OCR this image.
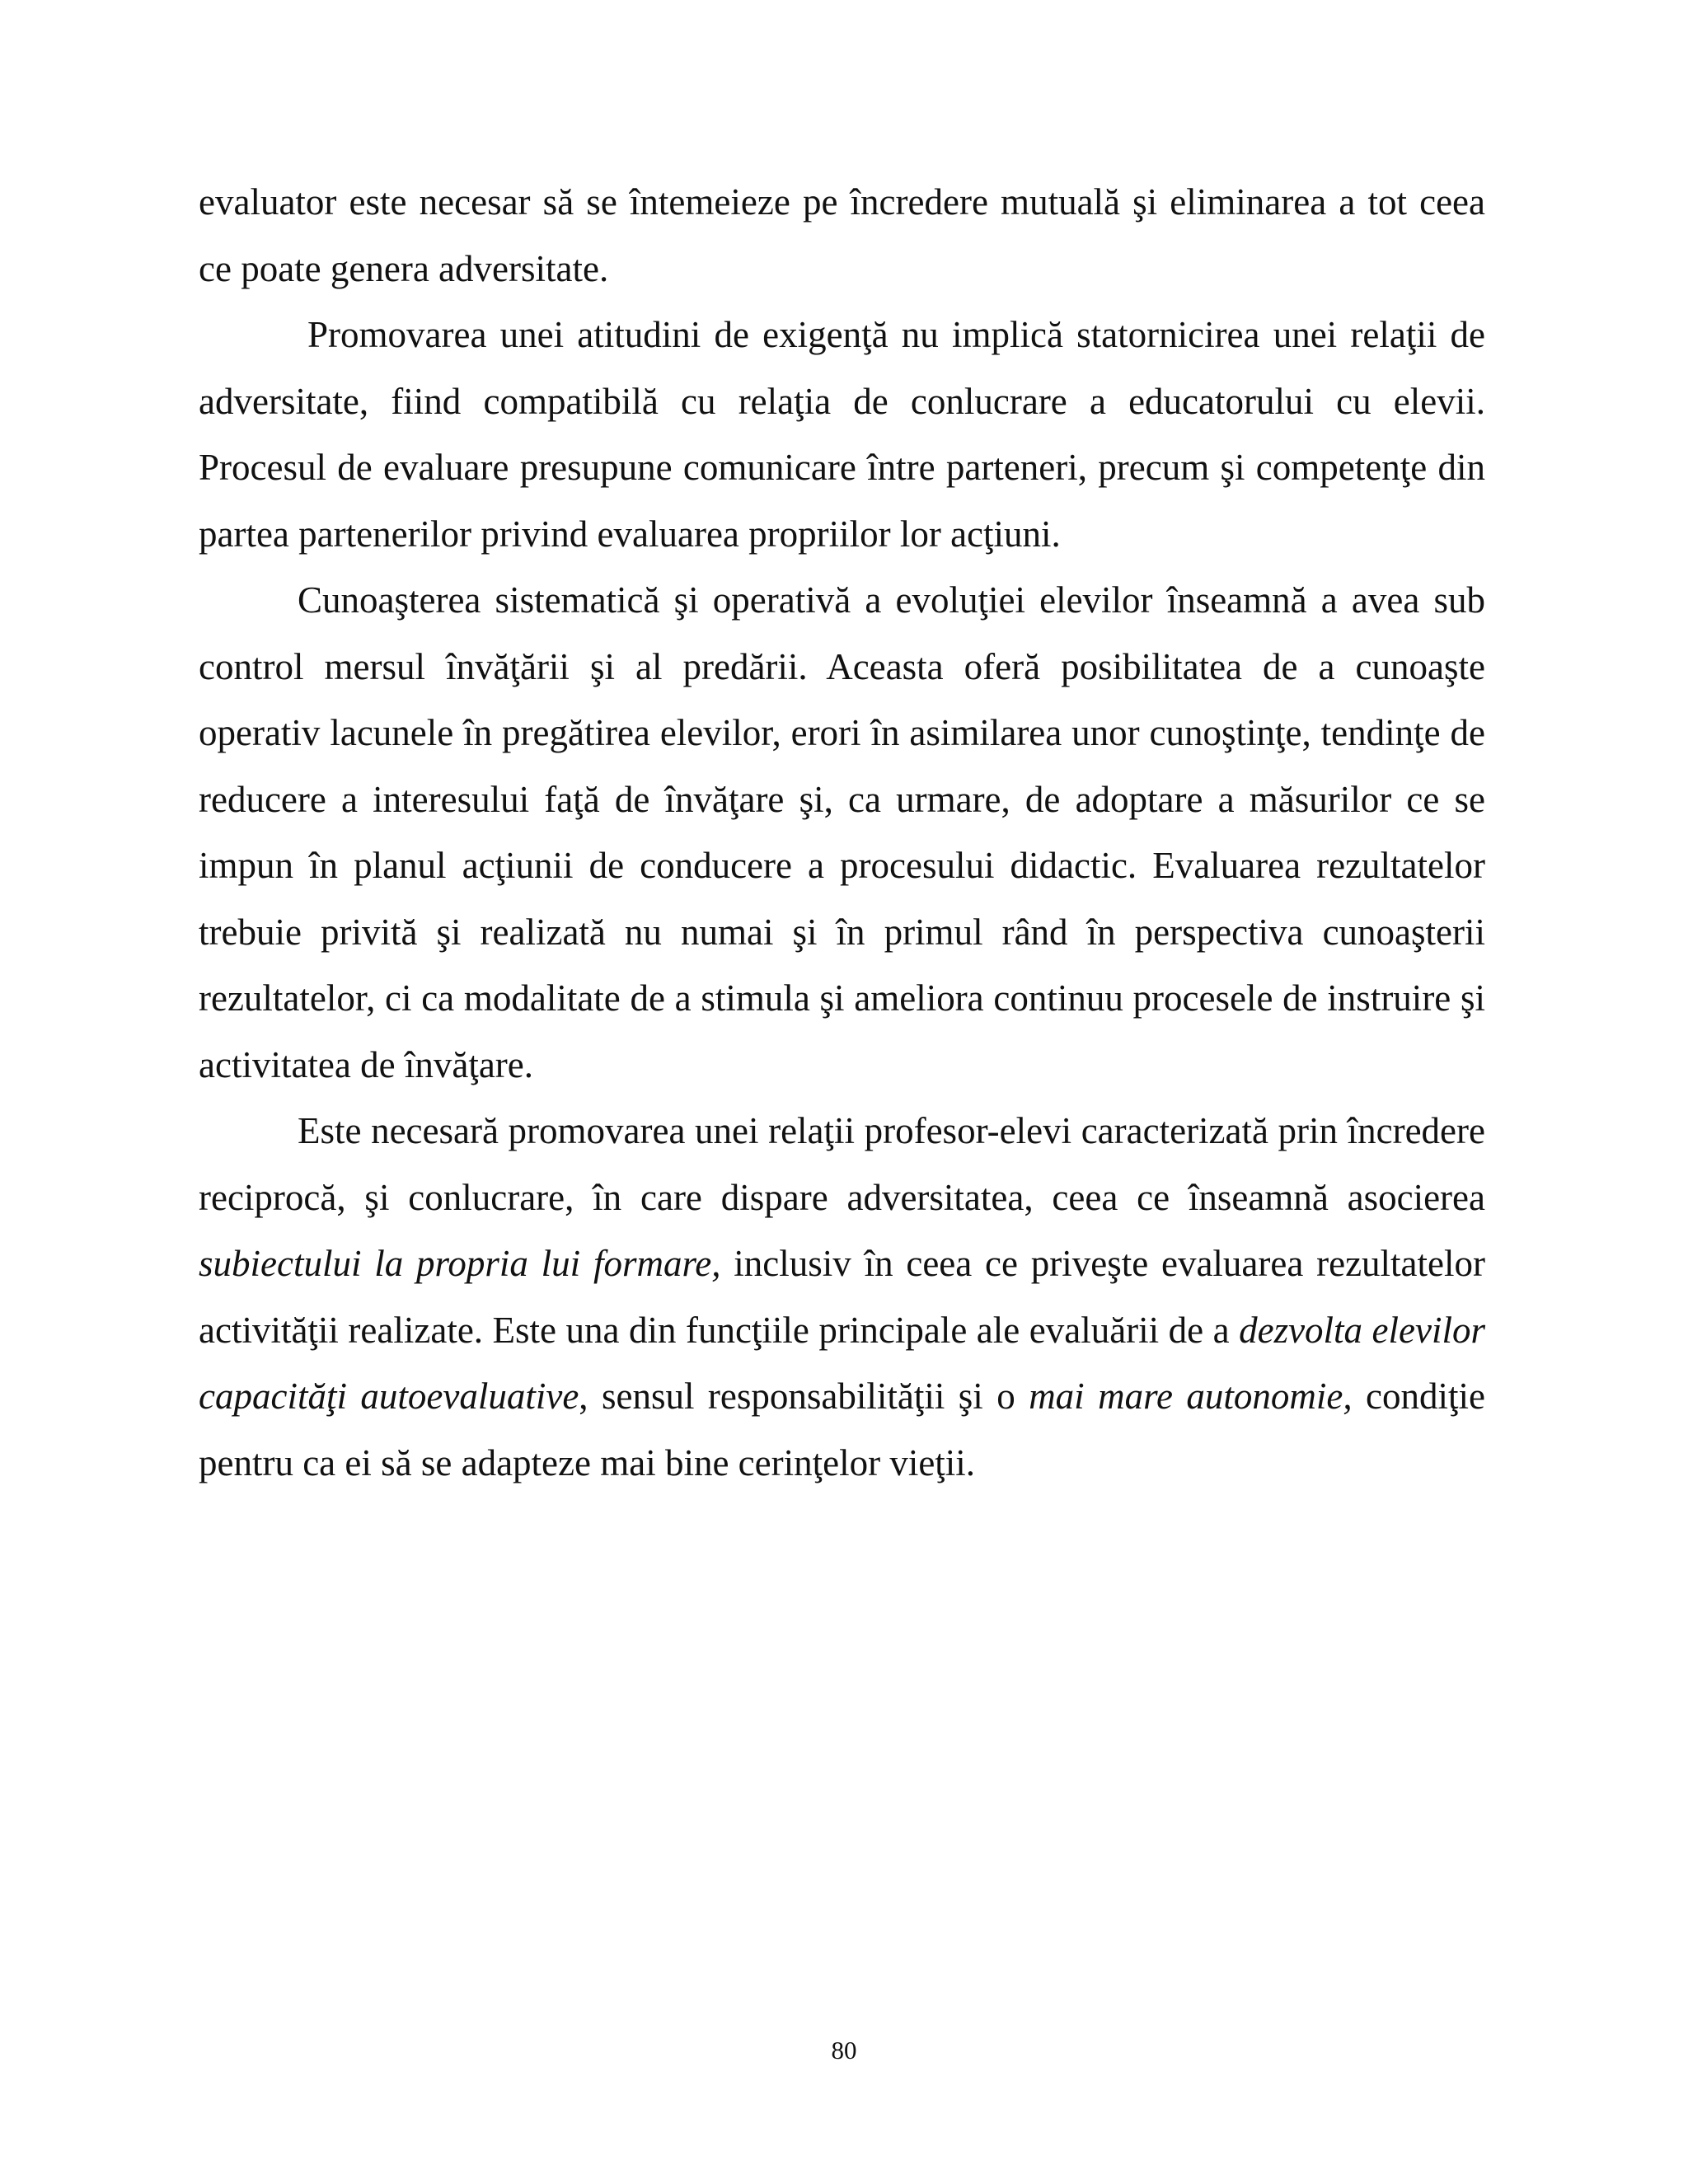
evaluator este necesar să se întemeieze pe încredere mutuală şi eliminarea a tot ceea ce poate genera adversitate.

Promovarea unei atitudini de exigenţă nu implică statornicirea unei relaţii de adversitate, fiind compatibilă cu relaţia de conlucrare a educatorului cu elevii. Procesul de evaluare presupune comunicare între parteneri, precum şi competenţe din partea partenerilor privind evaluarea propriilor lor acţiuni.

Cunoaşterea sistematică şi operativă a evoluţiei elevilor înseamnă a avea sub control mersul învăţării şi al predării. Aceasta oferă posibilitatea de a cunoaşte operativ lacunele în pregătirea elevilor, erori în asimilarea unor cunoştinţe, tendinţe de reducere a interesului faţă de învăţare şi, ca urmare, de adoptare a măsurilor ce se impun în planul acţiunii de conducere a procesului didactic. Evaluarea rezultatelor trebuie privită şi realizată nu numai şi în primul rând în perspectiva cunoaşterii rezultatelor, ci ca modalitate de a stimula şi ameliora continuu procesele de instruire şi activitatea de învăţare.

Este necesară promovarea unei relaţii profesor-elevi caracterizată prin încredere reciprocă, şi conlucrare, în care dispare adversitatea, ceea ce înseamnă asocierea subiectului la propria lui formare, inclusiv în ceea ce priveşte evaluarea rezultatelor activităţii realizate. Este una din funcţiile principale ale evaluării de a dezvolta elevilor capacităţi autoevaluative, sensul responsabilităţii şi o mai mare autonomie, condiţie pentru ca ei să se adapteze mai bine cerinţelor vieţii.

80
